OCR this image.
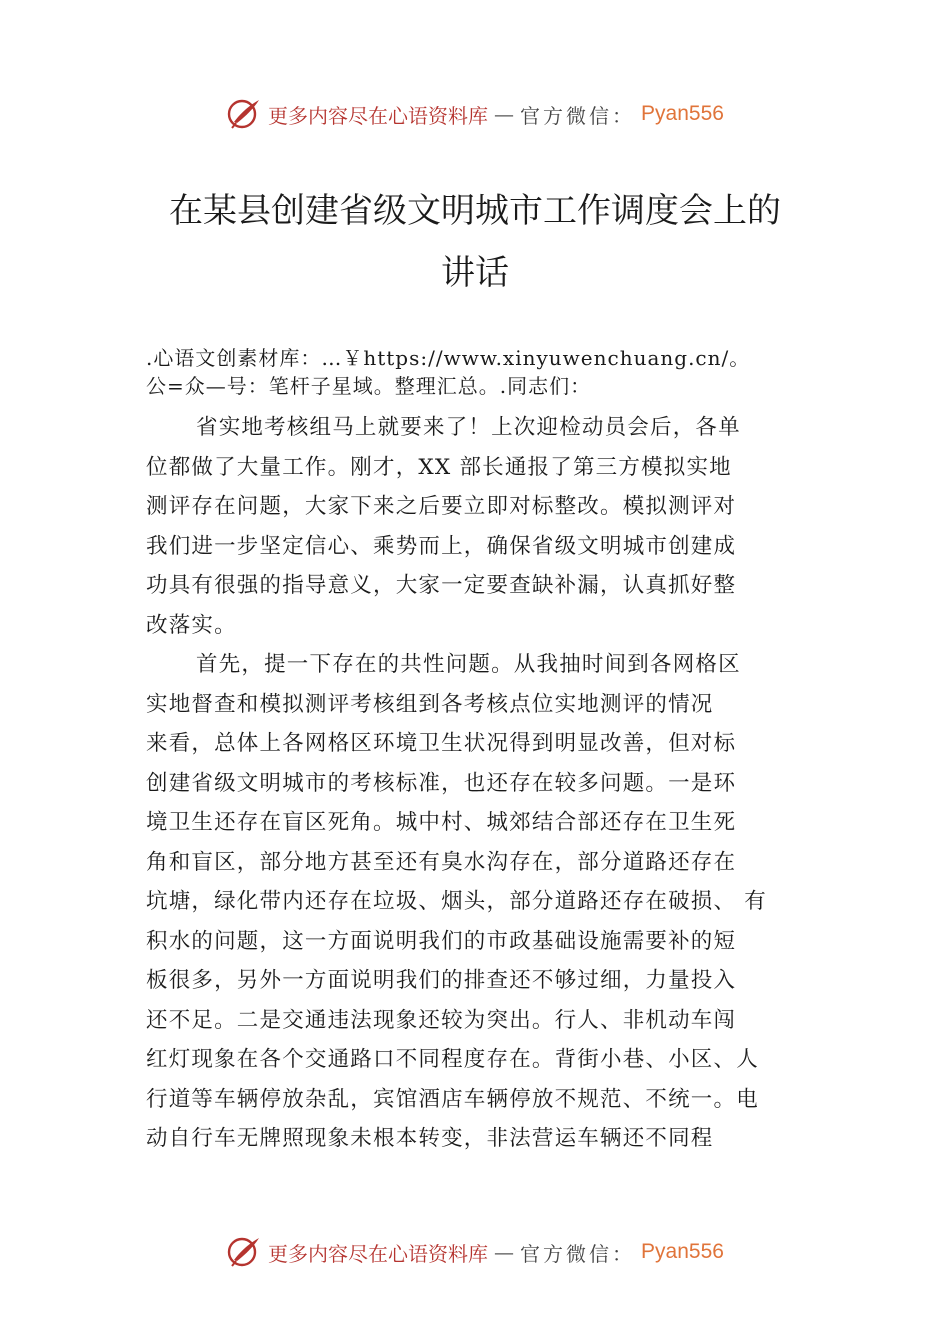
更多内容尽在心语资料库 — 官方微信： Pyan556
在某县创建省级文明城市工作调度会上的
讲话
.心语文创素材库：…￥https://www.xinyuwenchuang.cn/。
公=众—号：笔杆子星域。整理汇总。.同志们：
省实地考核组马上就要来了！上次迎检动员会后，各单
位都做了大量工作。刚才，XX 部长通报了第三方模拟实地
测评存在问题，大家下来之后要立即对标整改。模拟测评对
我们进一步坚定信心、乘势而上，确保省级文明城市创建成
功具有很强的指导意义，大家一定要查缺补漏，认真抓好整
改落实。
首先，提一下存在的共性问题。从我抽时间到各网格区
实地督查和模拟测评考核组到各考核点位实地测评的情况
来看，总体上各网格区环境卫生状况得到明显改善，但对标
创建省级文明城市的考核标准，也还存在较多问题。一是环
境卫生还存在盲区死角。城中村、城郊结合部还存在卫生死
角和盲区，部分地方甚至还有臭水沟存在，部分道路还存在
坑塘，绿化带内还存在垃圾、烟头，部分道路还存在破损、 有
积水的问题，这一方面说明我们的市政基础设施需要补的短
板很多，另外一方面说明我们的排查还不够过细，力量投入
还不足。二是交通违法现象还较为突出。行人、非机动车闯
红灯现象在各个交通路口不同程度存在。背街小巷、小区、人
行道等车辆停放杂乱，宾馆酒店车辆停放不规范、不统一。电
动自行车无牌照现象未根本转变，非法营运车辆还不同程
更多内容尽在心语资料库 — 官方微信： Pyan556
